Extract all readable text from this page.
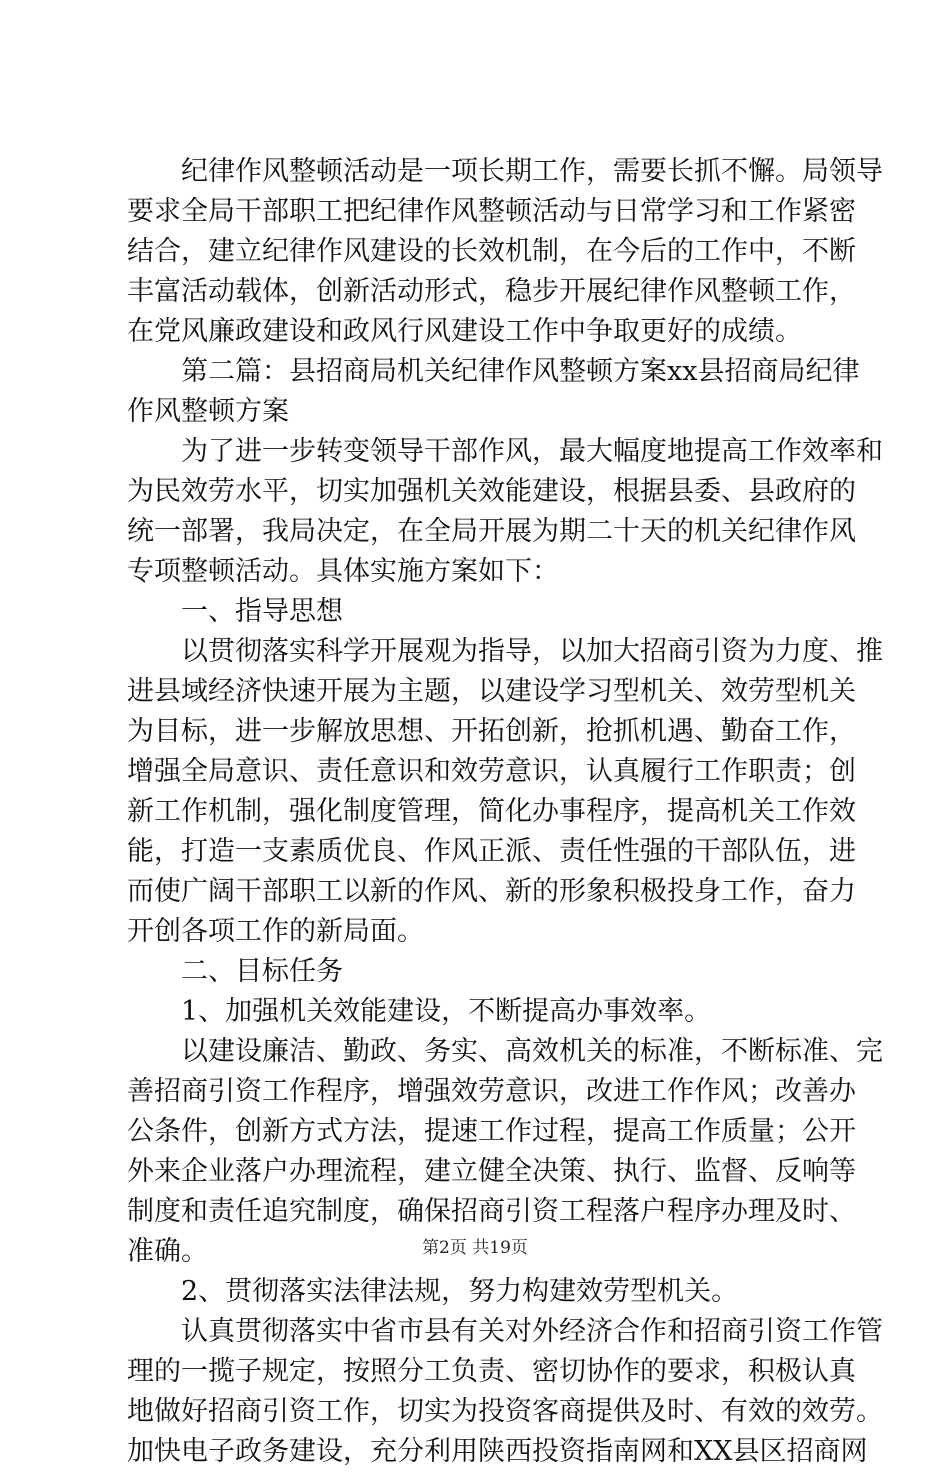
纪律作风整顿活动是一项长期工作，需要长抓不懈。局领导
要求全局干部职工把纪律作风整顿活动与日常学习和工作紧密
结合，建立纪律作风建设的长效机制，在今后的工作中，不断
丰富活动载体，创新活动形式，稳步开展纪律作风整顿工作，
在党风廉政建设和政风行风建设工作中争取更好的成绩。
第二篇：县招商局机关纪律作风整顿方案xx县招商局纪律
作风整顿方案
为了进一步转变领导干部作风，最大幅度地提高工作效率和
为民效劳水平，切实加强机关效能建设，根据县委、县政府的
统一部署，我局决定，在全局开展为期二十天的机关纪律作风
专项整顿活动。具体实施方案如下：
一、指导思想
以贯彻落实科学开展观为指导，以加大招商引资为力度、推
进县域经济快速开展为主题，以建设学习型机关、效劳型机关
为目标，进一步解放思想、开拓创新，抢抓机遇、勤奋工作，
增强全局意识、责任意识和效劳意识，认真履行工作职责；创
新工作机制，强化制度管理，简化办事程序，提高机关工作效
能，打造一支素质优良、作风正派、责任性强的干部队伍，进
而使广阔干部职工以新的作风、新的形象积极投身工作，奋力
开创各项工作的新局面。
二、目标任务
1、加强机关效能建设，不断提高办事效率。
以建设廉洁、勤政、务实、高效机关的标准，不断标准、完
善招商引资工作程序，增强效劳意识，改进工作作风；改善办
公条件，创新方式方法，提速工作过程，提高工作质量；公开
外来企业落户办理流程，建立健全决策、执行、监督、反响等
制度和责任追究制度，确保招商引资工程落户程序办理及时、
准确。
2、贯彻落实法律法规，努力构建效劳型机关。
认真贯彻落实中省市县有关对外经济合作和招商引资工作管
理的一揽子规定，按照分工负责、密切协作的要求，积极认真
地做好招商引资工作，切实为投资客商提供及时、有效的效劳。
加快电子政务建设，充分利用陕西投资指南网和XX县区招商网
第2页 共19页
